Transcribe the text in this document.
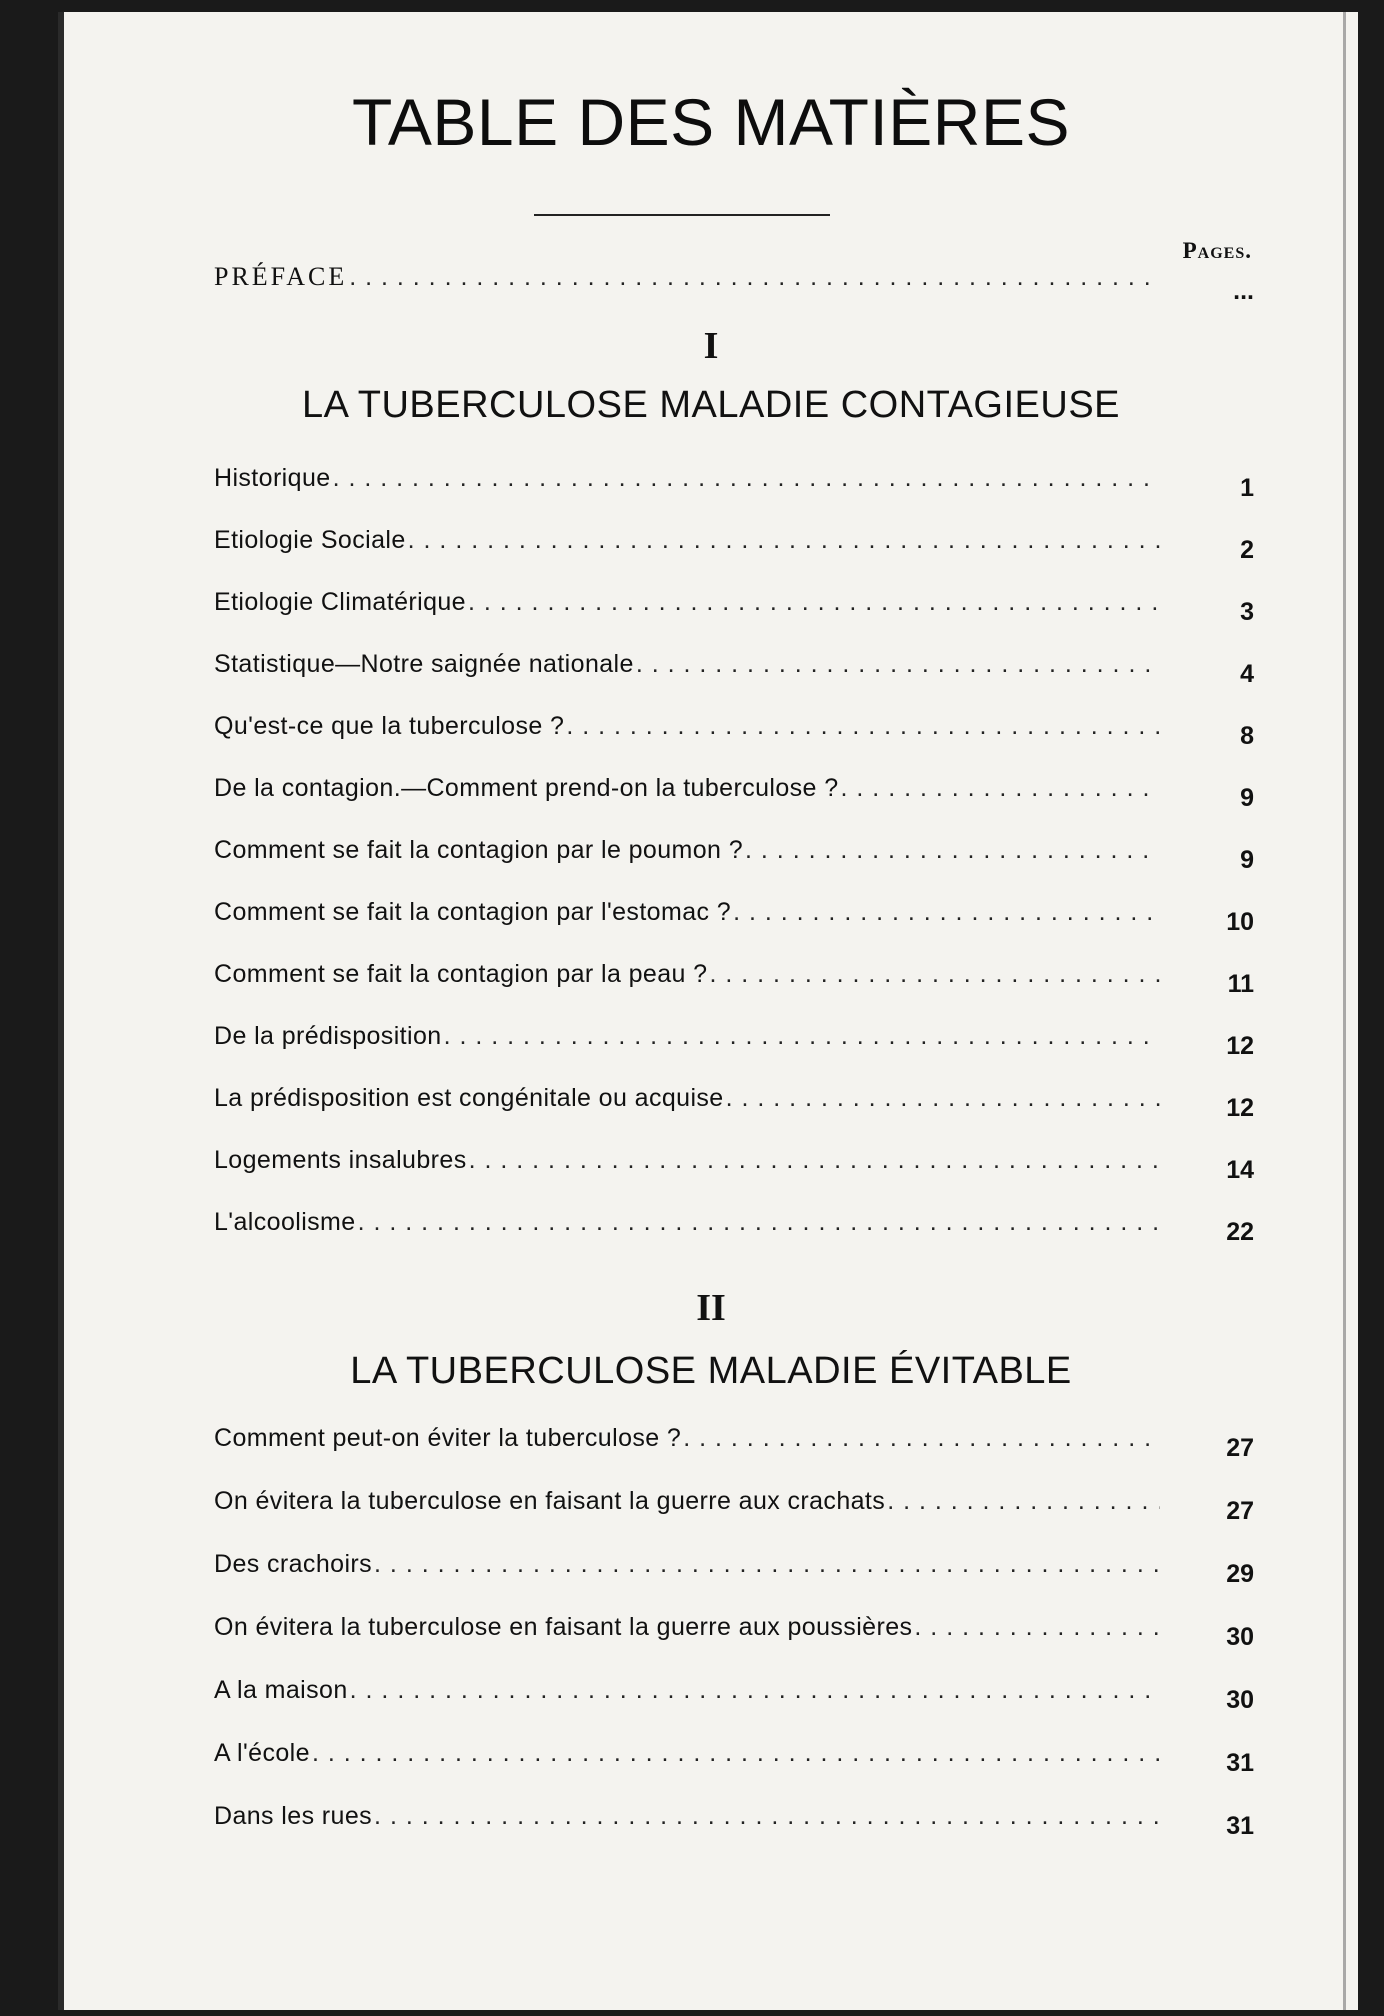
TABLE DES MATIÈRES
Pages.
PRÉFACE . . .	...
I
LA TUBERCULOSE MALADIE CONTAGIEUSE
Historique . . .	1
Etiologie Sociale . . .	2
Etiologie Climatérique . . .	3
Statistique—Notre saignée nationale . . .	4
Qu'est-ce que la tuberculose ? . . .	8
De la contagion.—Comment prend-on la tuberculose ? . . .	9
Comment se fait la contagion par le poumon ? . . .	9
Comment se fait la contagion par l'estomac ? . . .	10
Comment se fait la contagion par la peau ? . . .	11
De la prédisposition . . .	12
La prédisposition est congénitale ou acquise . . .	12
Logements insalubres . . .	14
L'alcoolisme . . .	22
II
LA TUBERCULOSE MALADIE ÉVITABLE
Comment peut-on éviter la tuberculose ? . . .	27
On évitera la tuberculose en faisant la guerre aux crachats . . .	27
Des crachoirs . . .	29
On évitera la tuberculose en faisant la guerre aux poussières . . .	30
A la maison . . .	30
A l'école . . .	31
Dans les rues . . .	31
